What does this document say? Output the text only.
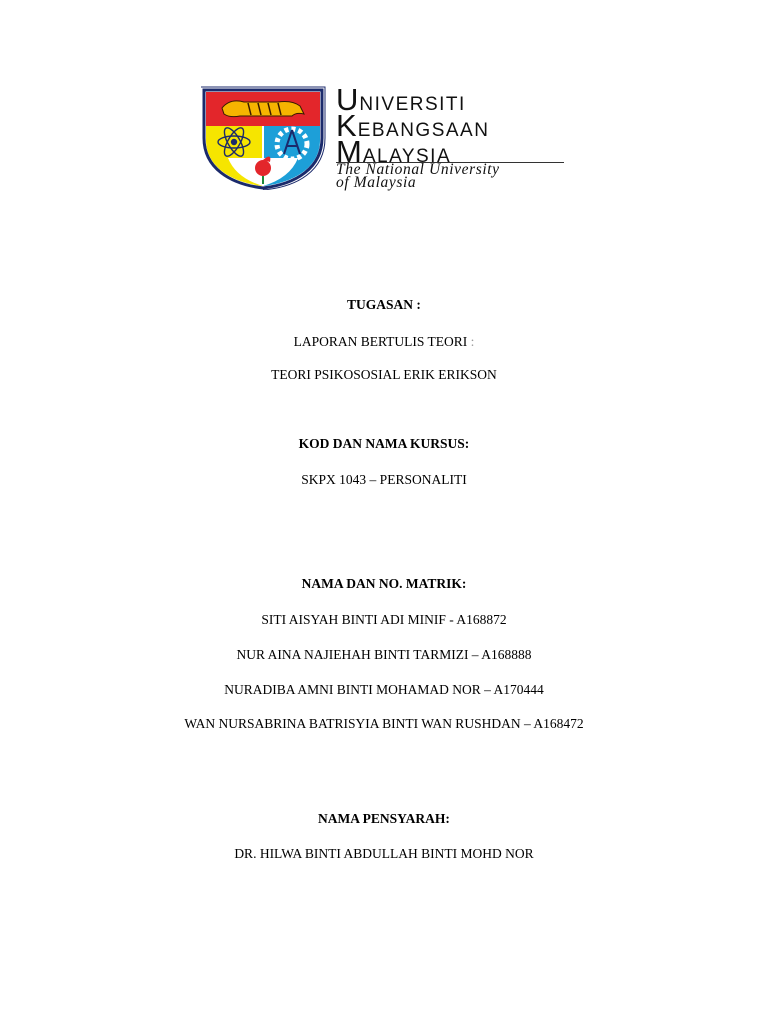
UNIVERSITI
KEBANGSAAN
MALAYSIA
The National University
of Malaysia
TUGASAN :
LAPORAN BERTULIS TEORI :
TEORI PSIKOSOSIAL ERIK ERIKSON
KOD DAN NAMA KURSUS:
SKPX 1043 – PERSONALITI
NAMA DAN NO. MATRIK:
SITI AISYAH BINTI ADI MINIF - A168872
NUR AINA NAJIEHAH BINTI TARMIZI – A168888
NURADIBA AMNI BINTI MOHAMAD NOR – A170444
WAN NURSABRINA BATRISYIA BINTI WAN RUSHDAN – A168472
NAMA PENSYARAH:
DR. HILWA BINTI ABDULLAH BINTI MOHD NOR
